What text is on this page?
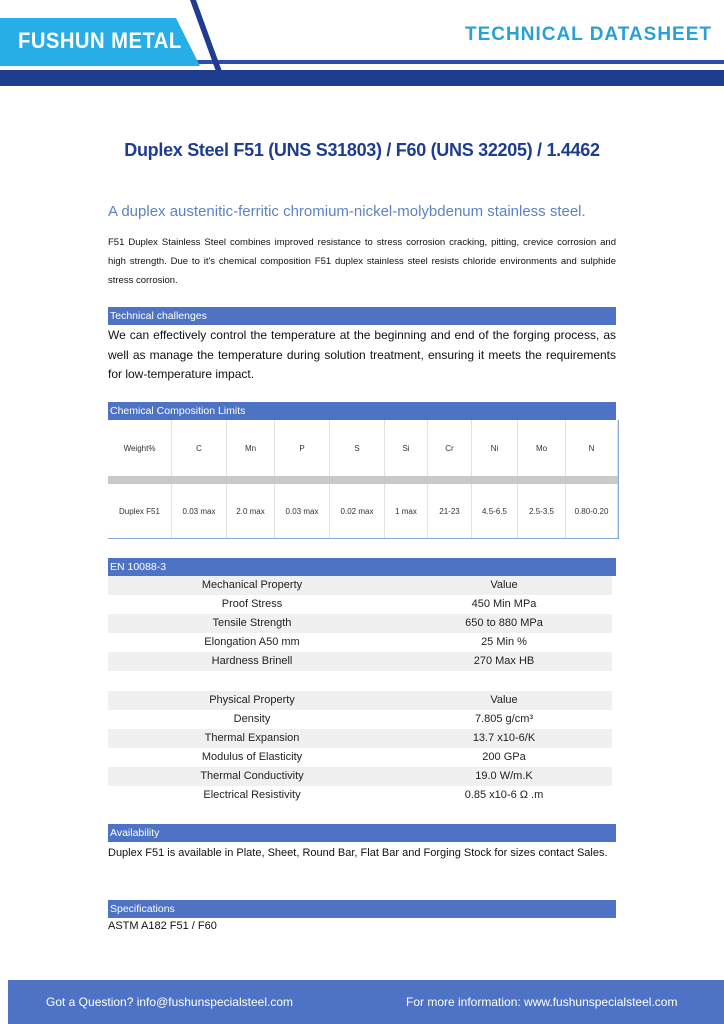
FUSHUN METAL	TECHNICAL DATASHEET
Duplex Steel F51 (UNS S31803) / F60 (UNS 32205) / 1.4462
A duplex austenitic-ferritic chromium-nickel-molybdenum stainless steel.
F51 Duplex Stainless Steel combines improved resistance to stress corrosion cracking, pitting, crevice corrosion and high strength. Due to it's chemical composition F51 duplex stainless steel resists chloride environments and sulphide stress corrosion.
Technical challenges
We can effectively control the temperature at the beginning and end of the forging process, as well as manage the temperature during solution treatment, ensuring it meets the requirements for low-temperature impact.
Chemical Composition Limits
Weight%	C	Mn	P	S	Si	Cr	Ni	Mo	N
Duplex F51	0.03 max	2.0 max	0.03 max	0.02 max	1 max	21-23	4.5-6.5	2.5-3.5	0.80-0.20
EN 10088-3
Mechanical Property	Value
Proof Stress	450 Min MPa
Tensile Strength	650 to 880 MPa
Elongation A50 mm	25 Min %
Hardness Brinell	270 Max HB
Physical Property	Value
Density	7.805 g/cm³
Thermal Expansion	13.7 x10-6/K
Modulus of Elasticity	200 GPa
Thermal Conductivity	19.0 W/m.K
Electrical Resistivity	0.85 x10-6 Ω .m
Availability
Duplex F51 is available in Plate, Sheet, Round Bar, Flat Bar and Forging Stock for sizes contact Sales.
Specifications
ASTM A182 F51 / F60
Got a Question? info@fushunspecialsteel.com	For more information: www.fushunspecialsteel.com
